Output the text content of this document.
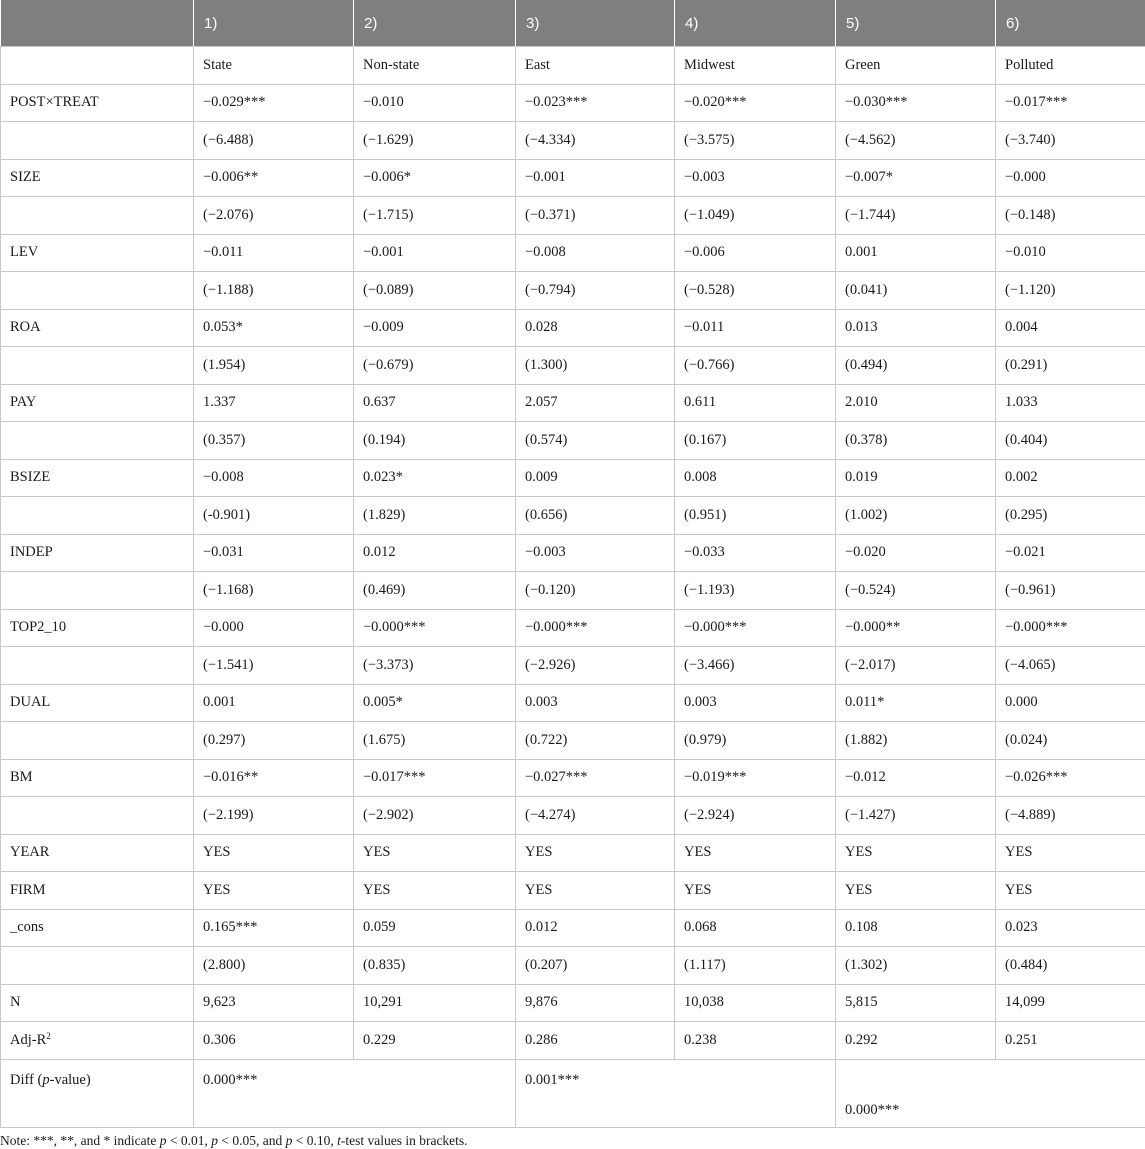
	1)	2)	3)	4)	5)	6)
	State	Non-state	East	Midwest	Green	Polluted
POST×TREAT	−0.029***	−0.010	−0.023***	−0.020***	−0.030***	−0.017***
	(−6.488)	(−1.629)	(−4.334)	(−3.575)	(−4.562)	(−3.740)
SIZE	−0.006**	−0.006*	−0.001	−0.003	−0.007*	−0.000
	(−2.076)	(−1.715)	(−0.371)	(−1.049)	(−1.744)	(−0.148)
LEV	−0.011	−0.001	−0.008	−0.006	0.001	−0.010
	(−1.188)	(−0.089)	(−0.794)	(−0.528)	(0.041)	(−1.120)
ROA	0.053*	−0.009	0.028	−0.011	0.013	0.004
	(1.954)	(−0.679)	(1.300)	(−0.766)	(0.494)	(0.291)
PAY	1.337	0.637	2.057	0.611	2.010	1.033
	(0.357)	(0.194)	(0.574)	(0.167)	(0.378)	(0.404)
BSIZE	−0.008	0.023*	0.009	0.008	0.019	0.002
	(-0.901)	(1.829)	(0.656)	(0.951)	(1.002)	(0.295)
INDEP	−0.031	0.012	−0.003	−0.033	−0.020	−0.021
	(−1.168)	(0.469)	(−0.120)	(−1.193)	(−0.524)	(−0.961)
TOP2_10	−0.000	−0.000***	−0.000***	−0.000***	−0.000**	−0.000***
	(−1.541)	(−3.373)	(−2.926)	(−3.466)	(−2.017)	(−4.065)
DUAL	0.001	0.005*	0.003	0.003	0.011*	0.000
	(0.297)	(1.675)	(0.722)	(0.979)	(1.882)	(0.024)
BM	−0.016**	−0.017***	−0.027***	−0.019***	−0.012	−0.026***
	(−2.199)	(−2.902)	(−4.274)	(−2.924)	(−1.427)	(−4.889)
YEAR	YES	YES	YES	YES	YES	YES
FIRM	YES	YES	YES	YES	YES	YES
_cons	0.165***	0.059	0.012	0.068	0.108	0.023
	(2.800)	(0.835)	(0.207)	(1.117)	(1.302)	(0.484)
N	9,623	10,291	9,876	10,038	5,815	14,099
Adj-$R^2$	0.306	0.229	0.286	0.238	0.292	0.251
Diff (p-value)	0.000***		0.001***		0.000***	

Note: ***, **, and * indicate p < 0.01, p < 0.05, and p < 0.10, t-test values in brackets.
